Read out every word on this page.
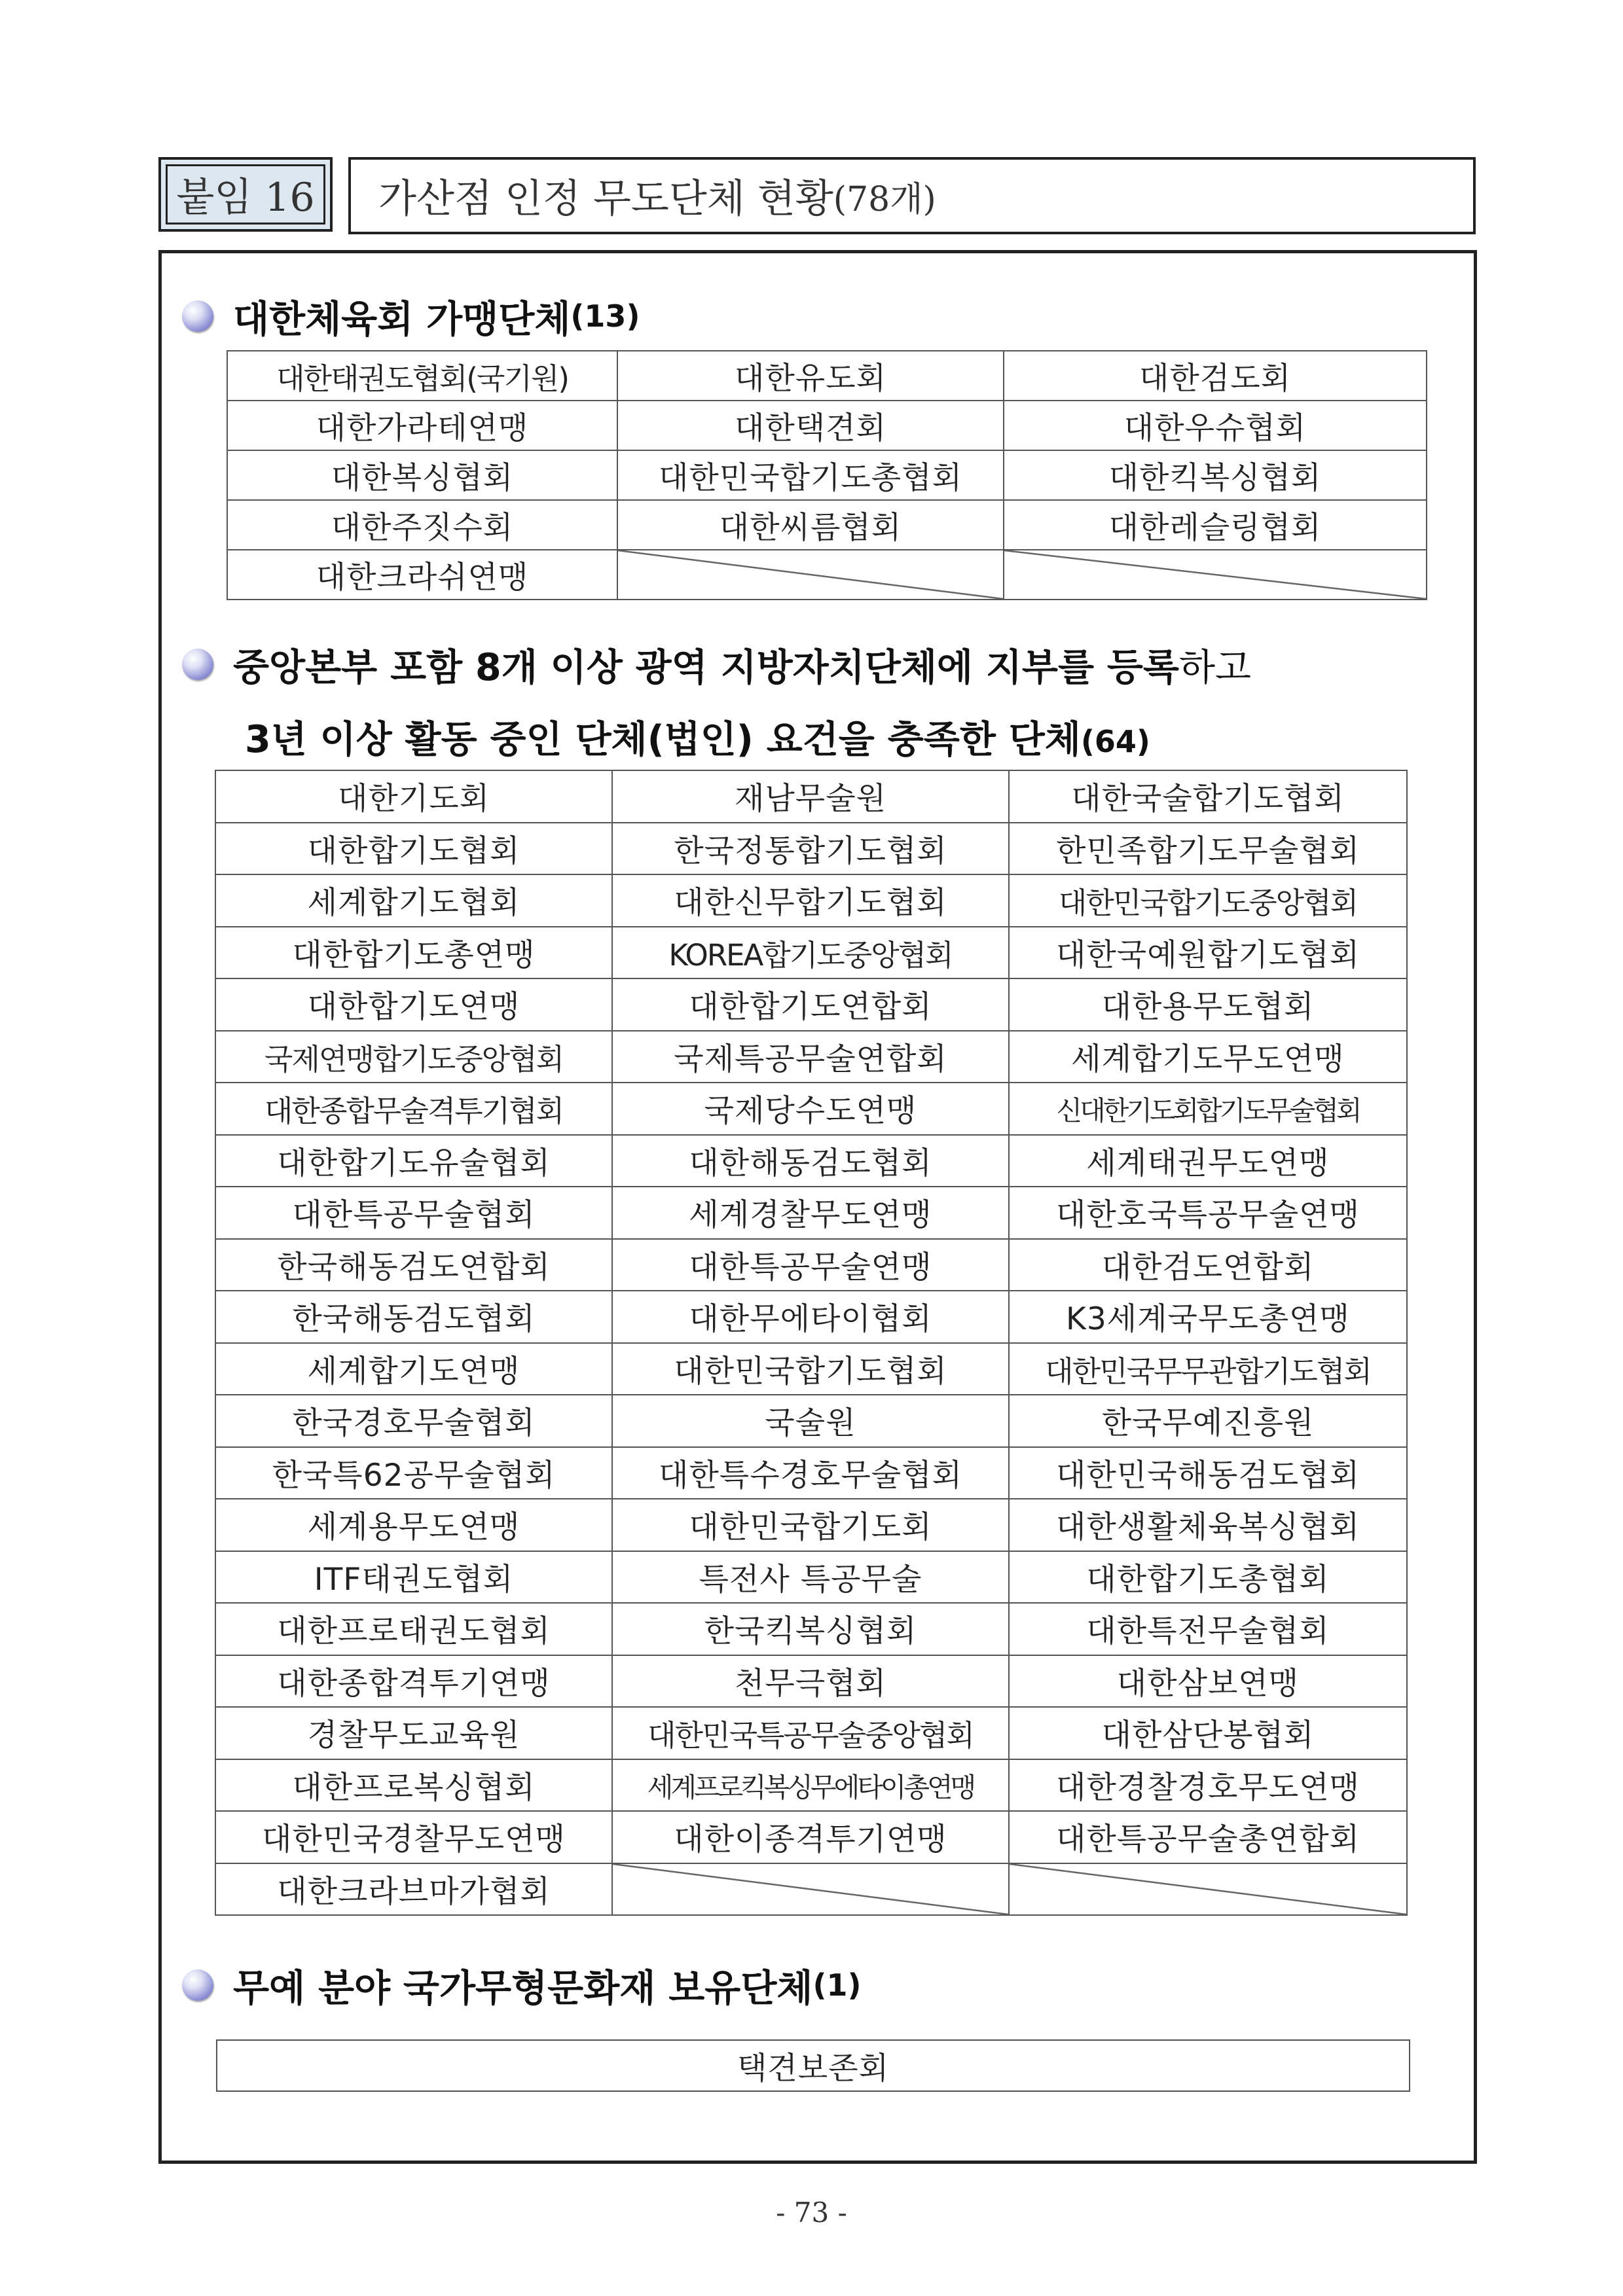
붙임 16	가산점 인정 무도단체 현황 (78개)
대한체육회 가맹단체 (13)
대한태권도협회(국기원)	대한유도회	대한검도회
대한가라테연맹	대한택견회	대한우슈협회
대한복싱협회	대한민국합기도총협회	대한킥복싱협회
대한주짓수회	대한씨름협회	대한레슬링협회
대한크라쉬연맹		
중앙본부 포함 8개 이상 광역 지방자치단체에 지부를 등록 하고
3년 이상 활동 중인 단체(법인) 요건을 충족한 단체(64)
대한기도회	재남무술원	대한국술합기도협회
대한합기도협회	한국정통합기도협회	한민족합기도무술협회
세계합기도협회	대한신무합기도협회	대한민국합기도중앙협회
대한합기도총연맹	KOREA합기도중앙협회	대한국예원합기도협회
대한합기도연맹	대한합기도연합회	대한용무도협회
국제연맹합기도중앙협회	국제특공무술연합회	세계합기도무도연맹
대한종합무술격투기협회	국제당수도연맹	신대한기도회합기도무술협회
대한합기도유술협회	대한해동검도협회	세계태권무도연맹
대한특공무술협회	세계경찰무도연맹	대한호국특공무술연맹
한국해동검도연합회	대한특공무술연맹	대한검도연합회
한국해동검도협회	대한무에타이협회	K3세계국무도총연맹
세계합기도연맹	대한민국합기도협회	대한민국무무관합기도협회
한국경호무술협회	국술원	한국무예진흥원
한국특62공무술협회	대한특수경호무술협회	대한민국해동검도협회
세계용무도연맹	대한민국합기도회	대한생활체육복싱협회
ITF태권도협회	특전사 특공무술	대한합기도총협회
대한프로태권도협회	한국킥복싱협회	대한특전무술협회
대한종합격투기연맹	천무극협회	대한삼보연맹
경찰무도교육원	대한민국특공무술중앙협회	대한삼단봉협회
대한프로복싱협회	세계프로킥복싱무에타이총연맹	대한경찰경호무도연맹
대한민국경찰무도연맹	대한이종격투기연맹	대한특공무술총연합회
대한크라브마가협회		
무예 분야 국가무형문화재 보유단체 (1)
택견보존회
- 73 -
